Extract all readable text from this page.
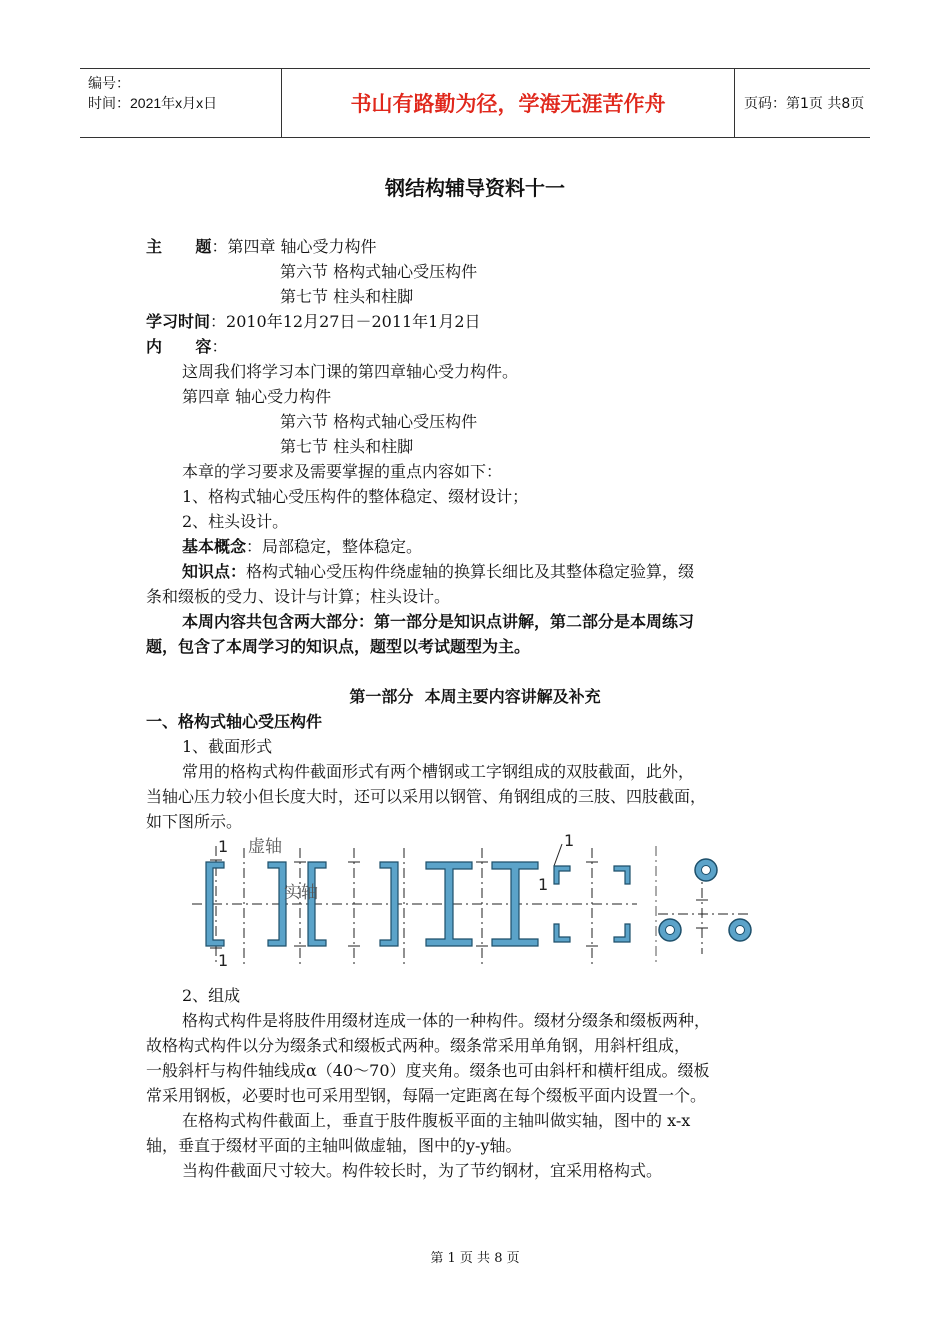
编号：
时间：2021年x月x日	书山有路勤为径，学海无涯苦作舟	页码：第1页 共8页
钢结构辅导资料十一
主      题：第四章 轴心受力构件
第六节 格构式轴心受压构件
第七节 柱头和柱脚
学习时间：2010年12月27日－2011年1月2日
内      容：
这周我们将学习本门课的第四章轴心受力构件。
第四章 轴心受力构件
第六节 格构式轴心受压构件
第七节 柱头和柱脚
本章的学习要求及需要掌握的重点内容如下：
1、格构式轴心受压构件的整体稳定、缀材设计；
2、柱头设计。
基本概念：局部稳定，整体稳定。
知识点：格构式轴心受压构件绕虚轴的换算长细比及其整体稳定验算，缀
条和缀板的受力、设计与计算；柱头设计。
本周内容共包含两大部分：第一部分是知识点讲解，第二部分是本周练习
题，包含了本周学习的知识点，题型以考试题型为主。
第一部分  本周主要内容讲解及补充
一、格构式轴心受压构件
1、截面形式
常用的格构式构件截面形式有两个槽钢或工字钢组成的双肢截面，此外，
当轴心压力较小但长度大时，还可以采用以钢管、角钢组成的三肢、四肢截面，
如下图所示。
虚轴
实轴
1
1
1
1
2、组成
格构式构件是将肢件用缀材连成一体的一种构件。缀材分缀条和缀板两种，
故格构式构件以分为缀条式和缀板式两种。缀条常采用单角钢，用斜杆组成，
一般斜杆与构件轴线成α（40～70）度夹角。缀条也可由斜杆和横杆组成。缀板
常采用钢板，必要时也可采用型钢，每隔一定距离在每个缀板平面内设置一个。
在格构式构件截面上，垂直于肢件腹板平面的主轴叫做实轴，图中的 x-x
轴，垂直于缀材平面的主轴叫做虚轴，图中的y-y轴。
当构件截面尺寸较大。构件较长时，为了节约钢材，宜采用格构式。
第 1 页 共 8 页
